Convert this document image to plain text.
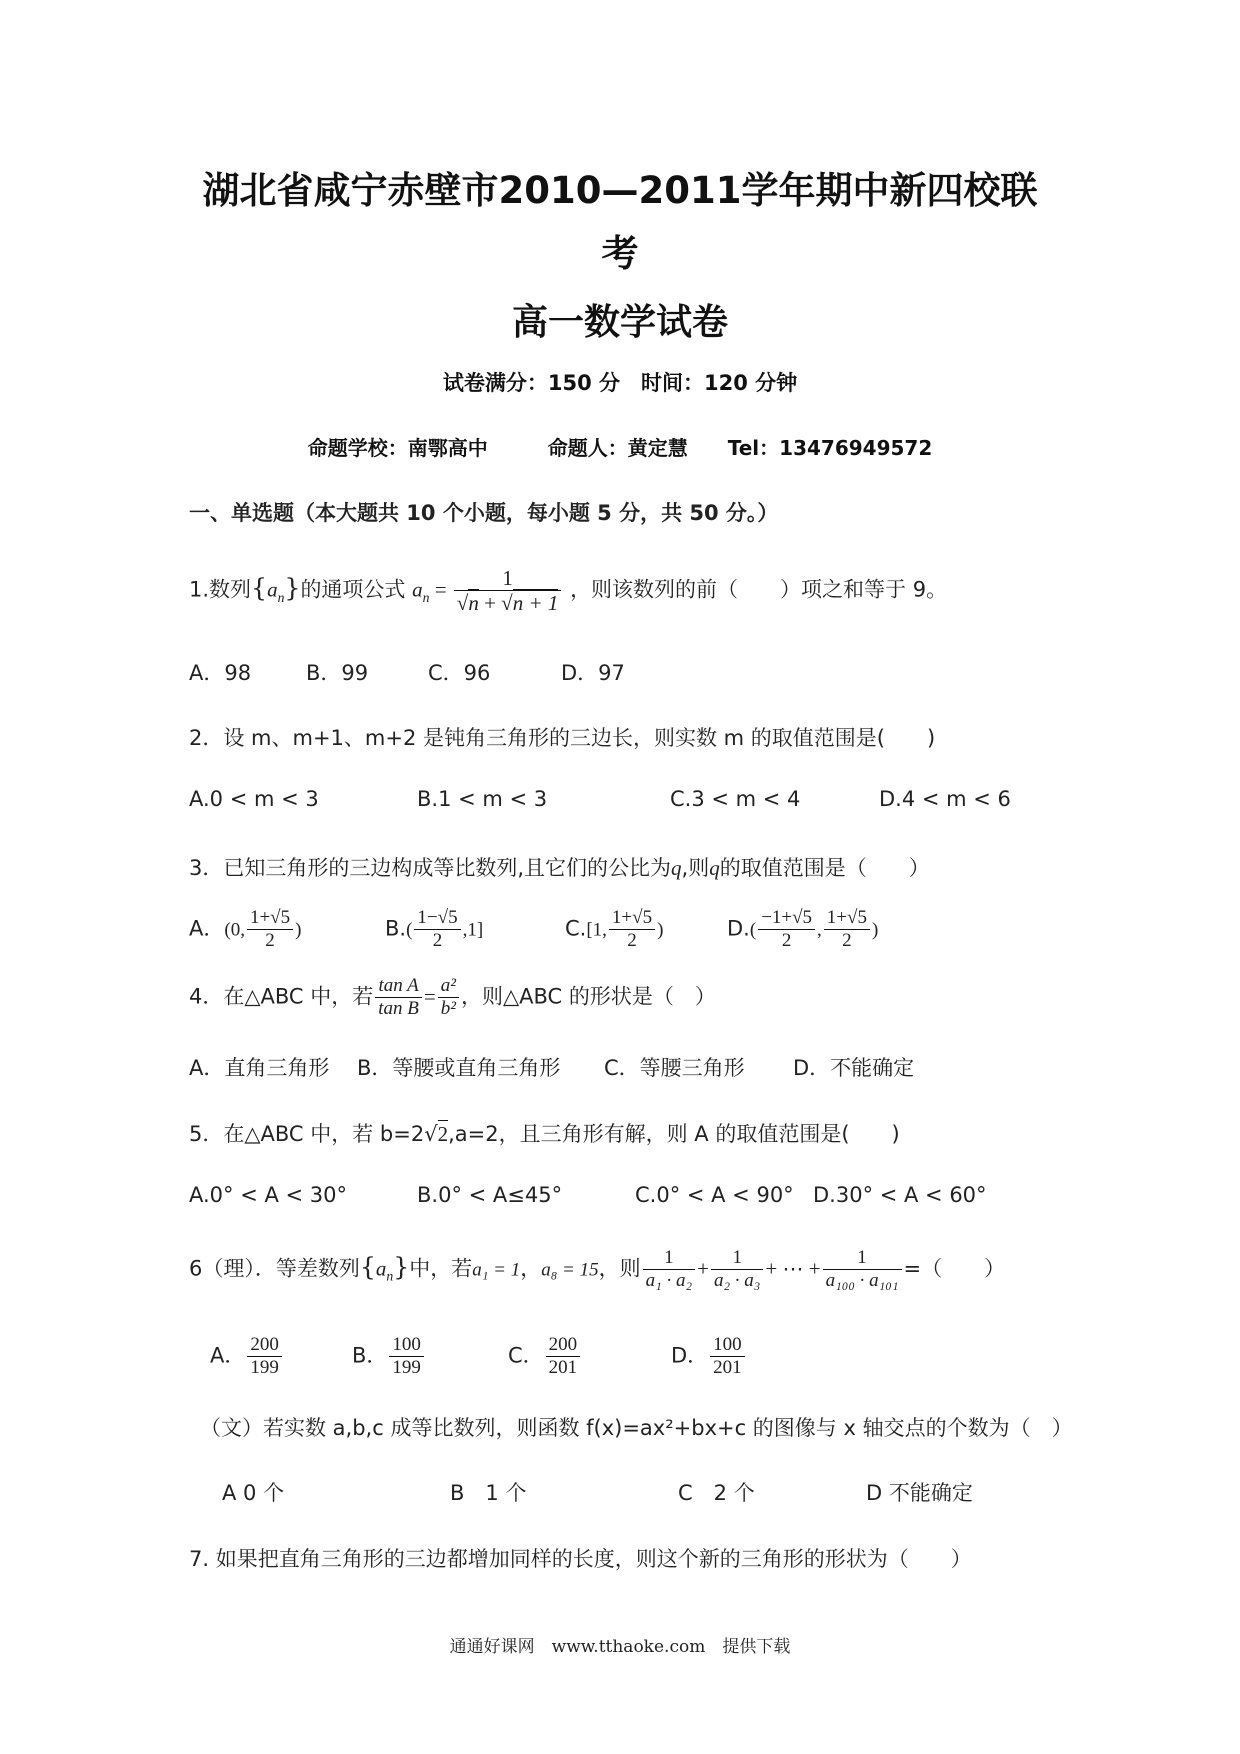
湖北省咸宁赤壁市2010—2011学年期中新四校联
考
高一数学试卷
试卷满分：150 分　时间：120 分钟
命题学校：南鄂高中　　　命题人：黄定慧　　Tel：13476949572
一、单选题（本大题共 10 个小题，每小题 5 分，共 50 分。）
1.数列$\{a_n\}$的通项公式 $a_n = \frac{1}{√n + √n + 1}$ ，则该数列的前（　　）项之和等于 9。
A．98	B．99	C．96	D．97
2．设 m、m+1、m+2 是钝角三角形的三边长，则实数 m 的取值范围是(　　)
A.0 < m < 3	B.1 < m < 3	C.3 < m < 4	D.4 < m < 6
3．已知三角形的三边构成等比数列,且它们的公比为q,则q的取值范围是（　　）
A．(0, $\frac{1+√5}{2}$ )	$B.( \frac{1-√5}{2} ,1]$	C.[1, $\frac{1+√5}{2}$ )	$D.( \frac{-1+√5}{2}$ , $\frac{1+√5}{2}$ )
4．在△ABC 中，若 $\frac{\text{tan A}}{\text{tan B}} = \frac{\text{a²}}{\text{b²}}$ ，则△ABC 的形状是（　）
A．直角三角形 B．等腰或直角三角形 C．等腰三角形 D．不能确定
5．在△ABC 中，若 b=2√2,a=2，且三角形有解，则 A 的取值范围是(　　)
A.0° < A < 30°	B.0° < A≤45°	C.0° < A < 90° D.30° < A < 60°
6（理）．等差数列$\{a_n\}$中，若a₁ = 1，a₈ = 15，则 $\frac{1}{\text{a₁ · a₂}} + \frac{1}{\text{a₂ · a₃}}$ + ⋯ + $\frac{1}{\text{a₁₀₀ · a₁₀₁}}$ =（　　）
A． $\frac{200}{199}$	B． $\frac{100}{199}$	C． $\frac{200}{201}$	D． $\frac{100}{201}$
（文）若实数 a,b,c 成等比数列，则函数 f(x)=ax²+bx+c 的图像与 x 轴交点的个数为（　）
A 0 个	B　1 个	C　2 个	D 不能确定
7. 如果把直角三角形的三边都增加同样的长度，则这个新的三角形的形状为（　　）
通通好课网　www.tthaoke.com　提供下载
